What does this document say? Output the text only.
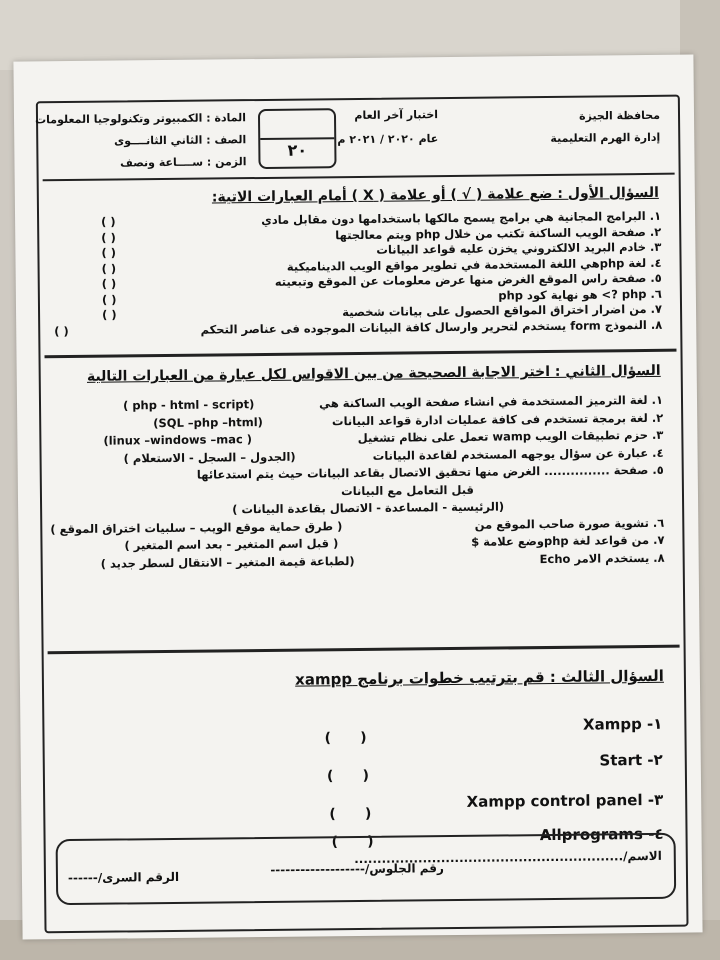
محافظة الجيزة
إدارة الهرم التعليمية
اختبار آخر العام
عام ٢٠٢٠ / ٢٠٢١ م
٢٠
المادة : الكمبيوتر وتكنولوجيا المعلومات
الصف : الثاني الثانــــوى
الزمن : ســــاعة ونصف
السؤال الأول : ضع علامة ( √ ) أو علامة ( X ) أمام العبارات الاتية:
١. البرامج المجانية هي برامج يسمح مالكها باستخدامها دون مقابل مادي
( )
٢. صفحة الويب الساكنة تكتب من خلال php ويتم معالجتها
( )
٣. خادم البريد الالكتروني يخزن عليه قواعد البيانات
( )
٤. لغة phpهي اللغة المستخدمة في تطوير مواقع الويب الديناميكية
( )
٥. صفحة راس الموقع الغرض منها عرض معلومات عن الموقع وتبعيته
( )
٦. php ?> هو نهاية كود php
( )
٧. من اضرار اختراق المواقع الحصول على بيانات شخصية
( )
٨. النموذج form يستخدم لتحرير وارسال كافة البيانات الموجوده فى عناصر التحكم
( )
السؤال الثاني : اختر الاجابة الصحيحة من بين الاقواس لكل عبارة من العبارات التالية
١. لغة الترميز المستخدمة في انشاء صفحة الويب الساكنة هي
( php - html - script)
٢. لغة برمجة تستخدم فى كافة عمليات ادارة قواعد البيانات
(SQL –php –html)
٣. حزم تطبيقات الويب wamp تعمل على نظام تشغيل
(linux –windows –mac )
٤. عبارة عن سؤال يوجهه المستخدم لقاعدة البيانات
( الجدول – السجل - الاستعلام)
٥. صفحة ............... الغرض منها تحقيق الاتصال بقاعد البيانات حيث يتم استدعائها
قبل التعامل مع البيانات
(الرئيسية - المساعدة - الاتصال بقاعدة البيانات )
٦. تشوية صورة صاحب الموقع من
( طرق حماية موقع الويب – سلبيات اختراق الموقع )
٧. من قواعد لغة phpوضع علامة $
( قبل اسم المتغير - بعد اسم المتغير )
٨. يستخدم الامر Echo
( لطباعة قيمة المتغير – الانتقال لسطر جديد)
السؤال الثالث : قم بترتيب خطوات برنامج xampp
Xampp -١
(      )
Start -٢
(      )
Xampp control panel -٣
(      )
Allprograms -٤
(      )
الاسم/...........................................................
رقم الجلوس/-------------------
الرقم السرى/------
